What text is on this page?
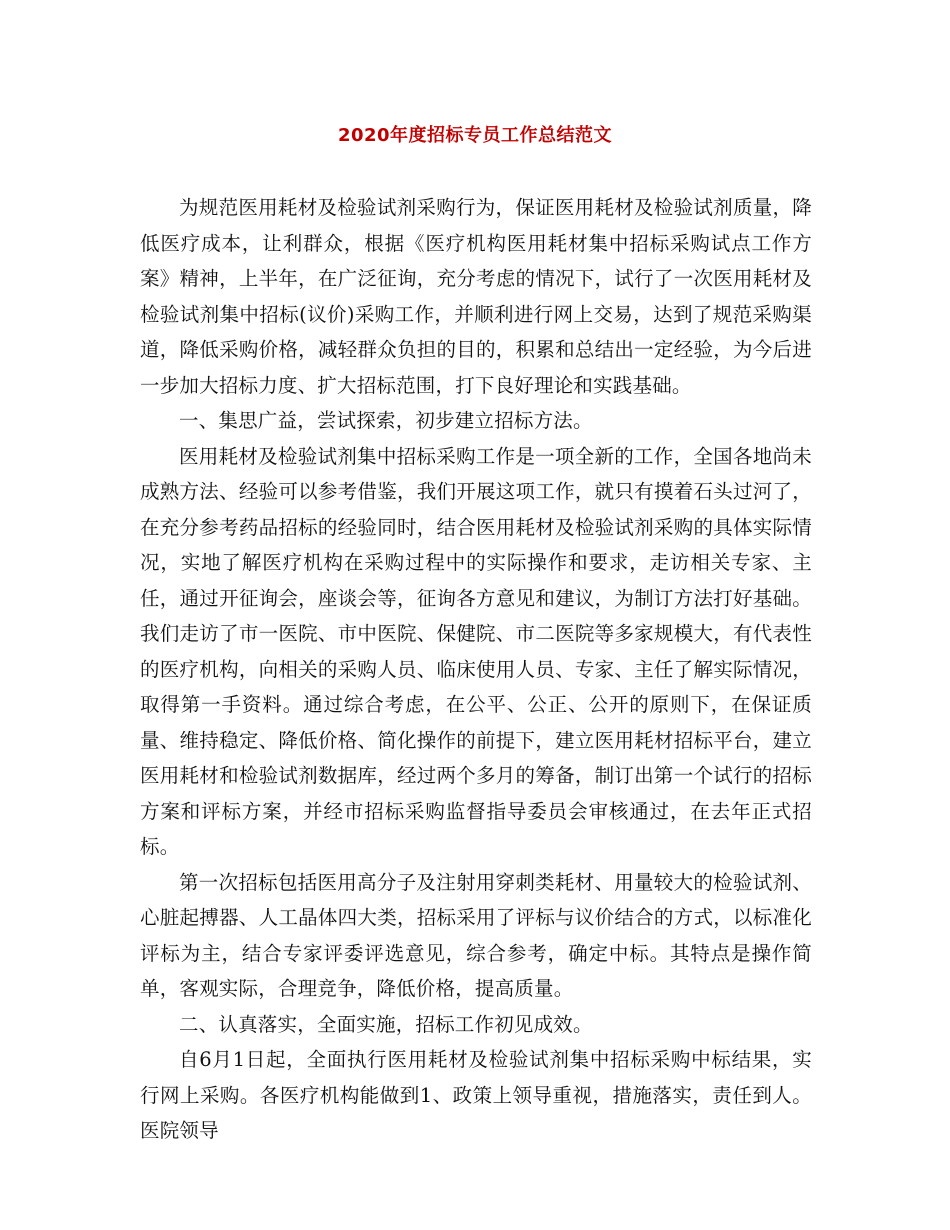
2020年度招标专员工作总结范文

为规范医用耗材及检验试剂采购行为，保证医用耗材及检验试剂质量，降低医疗成本，让利群众，根据《医疗机构医用耗材集中招标采购试点工作方案》精神，上半年，在广泛征询，充分考虑的情况下，试行了一次医用耗材及检验试剂集中招标(议价)采购工作，并顺利进行网上交易，达到了规范采购渠道，降低采购价格，减轻群众负担的目的，积累和总结出一定经验，为今后进一步加大招标力度、扩大招标范围，打下良好理论和实践基础。

一、集思广益，尝试探索，初步建立招标方法。

医用耗材及检验试剂集中招标采购工作是一项全新的工作，全国各地尚未成熟方法、经验可以参考借鉴，我们开展这项工作，就只有摸着石头过河了，在充分参考药品招标的经验同时，结合医用耗材及检验试剂采购的具体实际情况，实地了解医疗机构在采购过程中的实际操作和要求，走访相关专家、主任，通过开征询会，座谈会等，征询各方意见和建议，为制订方法打好基础。我们走访了市一医院、市中医院、保健院、市二医院等多家规模大，有代表性的医疗机构，向相关的采购人员、临床使用人员、专家、主任了解实际情况，取得第一手资料。通过综合考虑，在公平、公正、公开的原则下，在保证质量、维持稳定、降低价格、简化操作的前提下，建立医用耗材招标平台，建立医用耗材和检验试剂数据库，经过两个多月的筹备，制订出第一个试行的招标方案和评标方案，并经市招标采购监督指导委员会审核通过，在去年正式招标。

第一次招标包括医用高分子及注射用穿刺类耗材、用量较大的检验试剂、心脏起搏器、人工晶体四大类，招标采用了评标与议价结合的方式，以标准化评标为主，结合专家评委评选意见，综合参考，确定中标。其特点是操作简单，客观实际，合理竞争，降低价格，提高质量。

二、认真落实，全面实施，招标工作初见成效。

自6月1日起，全面执行医用耗材及检验试剂集中招标采购中标结果，实行网上采购。各医疗机构能做到1、政策上领导重视，措施落实，责任到人。医院领导
